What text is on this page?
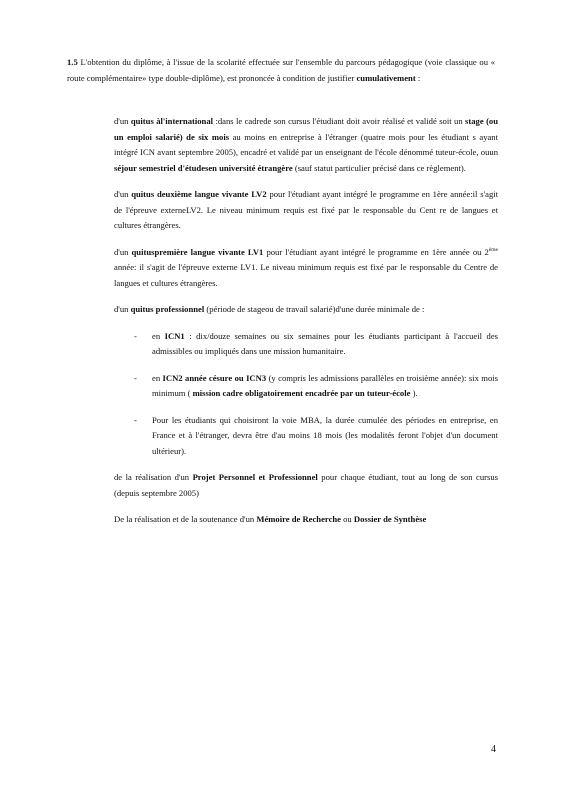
1.5 L'obtention du diplôme, à l'issue de la scolarité effectuée sur l'ensemble du parcours pédagogique (voie classique ou « route complémentaire» type double-diplôme), est prononcée à condition de justifier cumulativement :

d'un quitus àl'international :dans le cadrede son cursus l'étudiant doit avoir réalisé et validé soit un stage (ou un emploi salarié) de six mois au moins en entreprise à l'étranger (quatre mois pour les étudiant s ayant intégré ICN avant septembre 2005), encadré et validé par un enseignant de l'école dénommé tuteur-école, ouun séjour semestriel d'étudesen université étrangère (sauf statut particulier précisé dans ce règlement).
d'un quitus deuxième langue vivante LV2 pour l'étudiant ayant intégré le programme en 1ère année:il s'agit de l'épreuve externeLV2. Le niveau minimum requis est fixé par le responsable du Cent re de langues et cultures étrangères.
d'un quituspremière langue vivante LV1 pour l'étudiant ayant intégré le programme en 1ère année ou 2ème année: il s'agit de l'épreuve externe LV1. Le niveau minimum requis est fixé par le responsable du Centre de langues et cultures étrangères.
d'un quitus professionnel (période de stageou de travail salarié)d'une durée minimale de :
- en ICN1 : dix/douze semaines ou six semaines pour les étudiants participant à l'accueil des admissibles ou impliqués dans une mission humanitaire.
- en ICN2 année césure ou ICN3 (y compris les admissions parallèles en troisième année): six mois minimum ( mission cadre obligatoirement encadrée par un tuteur-école ).
- Pour les étudiants qui choisiront la voie MBA, la durée cumulée des périodes en entreprise, en France et à l'étranger, devra être d'au moins 18 mois (les modalités feront l'objet d'un document ultérieur).
de la réalisation d'un Projet Personnel et Professionnel pour chaque étudiant, tout au long de son cursus (depuis septembre 2005)
De la réalisation et de la soutenance d'un Mémoire de Recherche ou Dossier de Synthèse
4
